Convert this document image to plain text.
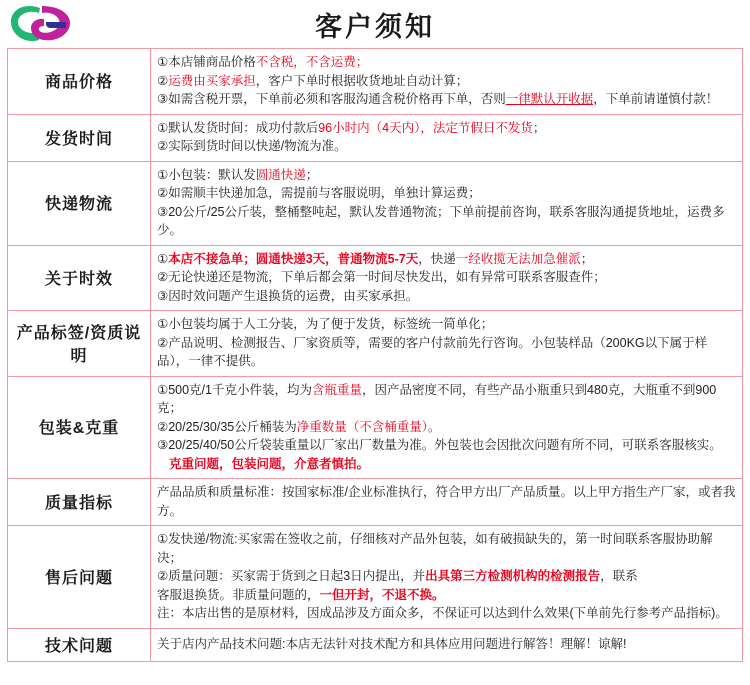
客户须知
商品价格	①本店铺商品价格不含税，不含运费；

②运费由买家承担，客户下单时根据收货地址自动计算；

③如需含税开票，下单前必须和客服沟通含税价格再下单，否则一律默认开收据，下单前请谨慎付款！

发货时间	①默认发货时间：成功付款后96小时内（4天内），法定节假日不发货；

②实际到货时间以快递/物流为准。

快递物流	①小包装：默认发圆通快递；

②如需顺丰快递加急，需提前与客服说明，单独计算运费；

③20公斤/25公斤装，整桶整吨起，默认发普通物流；下单前提前咨询，联系客服沟通提货地址，运费多少。

关于时效	①本店不接急单；圆通快递3天，普通物流5-7天，快递一经收揽无法加急催派；

②无论快递还是物流，下单后都会第一时间尽快发出，如有异常可联系客服查件；

③因时效问题产生退换货的运费，由买家承担。

产品标签/资质说明	①小包装均属于人工分装，为了便于发货，标签统一简单化；

②产品说明、检测报告、厂家资质等，需要的客户付款前先行咨询。小包装样品（200KG以下属于样品），一律不提供。

包装&克重	①500克/1千克小件装，均为含瓶重量，因产品密度不同，有些产品小瓶重只到480克，大瓶重不到900克；

②20/25/30/35公斤桶装为净重数量（不含桶重量）。

③20/25/40/50公斤袋装重量以厂家出厂数量为准。外包装也会因批次问题有所不同，可联系客服核实。

克重问题，包装问题，介意者慎拍。

质量指标	产品品质和质量标准：按国家标准/企业标准执行，符合甲方出厂产品质量。以上甲方指生产厂家，或者我方。

售后问题	①发快递/物流:买家需在签收之前，仔细核对产品外包装，如有破损缺失的，第一时间联系客服协助解决；

②质量问题：买家需于货到之日起3日内提出，并出具第三方检测机构的检测报告，联系

客服退换货。非质量问题的，一但开封，不退不换。

注：本店出售的是原材料，因成品涉及方面众多，不保证可以达到什么效果(下单前先行参考产品指标)。

技术问题	关于店内产品技术问题:本店无法针对技术配方和具体应用问题进行解答！理解！谅解!
